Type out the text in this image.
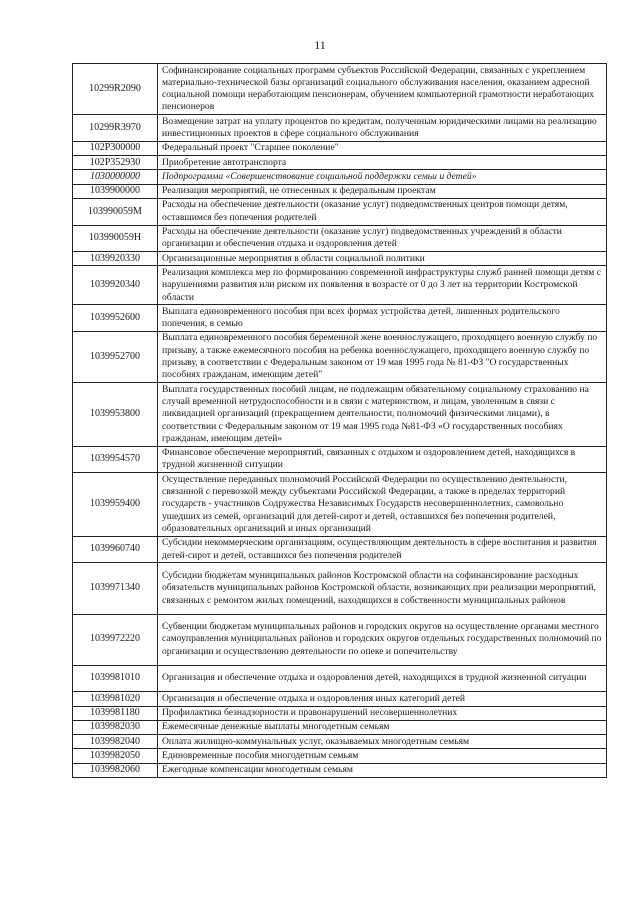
11
10299R2090	Софинансирование социальных программ субъектов Российской Федерации, связанных с укреплением материально-технической базы организаций социального обслуживания населения, оказанием адресной социальной помощи неработающим пенсионерам, обучением компьютерной грамотности неработающих пенсионеров
10299R3970	Возмещение затрат на уплату процентов по кредитам, полученным юридическими лицами на реализацию инвестиционных проектов в сфере социального обслуживания
102P300000	Федеральный проект "Старшее поколение"
102P352930	Приобретение автотранспорта
1030000000	Подпрограмма «Совершенствование социальной поддержки семьи и детей»
1039900000	Реализация мероприятий, не отнесенных к федеральным проектам
103990059M	Расходы на обеспечение деятельности (оказание услуг) подведомственных центров помощи детям, оставшимся без попечения родителей
103990059H	Расходы на обеспечение деятельности (оказание услуг) подведомственных учреждений в области организации и обеспечения отдыха и оздоровления детей
1039920330	Организационные мероприятия в области социальной политики
1039920340	Реализация комплекса мер по формированию современной инфраструктуры служб ранней помощи детям с нарушениями развития или риском их появления в возрасте от 0 до 3 лет на территории Костромской области
1039952600	Выплата единовременного пособия при всех формах устройства детей, лишенных родительского попечения, в семью
1039952700	Выплата единовременного пособия беременной жене военнослужащего, проходящего военную службу по призыву, а также ежемесячного пособия на ребенка военнослужащего, проходящего военную службу по призыву, в соответствии с Федеральным законом от 19 мая 1995 года № 81-ФЗ "О государственных пособиях гражданам, имеющим детей"
1039953800	Выплата государственных пособий лицам, не подлежащим обязательному социальному страхованию на случай временной нетрудоспособности и в связи с материнством, и лицам, уволенным в связи с ликвидацией организаций (прекращением деятельности, полномочий физическими лицами), в соответствии с Федеральным законом от 19 мая 1995 года №81-ФЗ «О государственных пособиях гражданам, имеющим детей»
1039954570	Финансовое обеспечение мероприятий, связанных с отдыхом и оздоровлением детей, находящихся в трудной жизненной ситуации
1039959400	Осуществление переданных полномочий Российской Федерации по осуществлению деятельности, связанной с перевозкой между субъектами Российской Федерации, а также в пределах территорий государств - участников Содружества Независимых Государств несовершеннолетних, самовольно ушедших из семей, организаций для детей-сирот и детей, оставшихся без попечения родителей, образовательных организаций и иных организаций
1039960740	Субсидии некоммерческим организациям, осуществляющим деятельность в сфере воспитания и развития детей-сирот и детей, оставшихся без попечения родителей
1039971340	Субсидии бюджетам муниципальных районов Костромской области на софинансирование расходных обязательств муниципальных районов Костромской области, возникающих при реализации мероприятий, связанных с ремонтом жилых помещений, находящихся в собственности муниципальных районов
1039972220	Субвенции бюджетам муниципальных районов и городских округов на осуществление органами местного самоуправления муниципальных районов и городских округов отдельных государственных полномочий по организации и осуществлению деятельности по опеке и попечительству
1039981010	Организация и обеспечение отдыха и оздоровления детей, находящихся в трудной жизненной ситуации
1039981020	Организация и обеспечение отдыха и оздоровления иных категорий детей
1039981180	Профилактика безнадзорности и правонарушений несовершеннолетних
1039982030	Ежемесячные денежные выплаты многодетным семьям
1039982040	Оплата жилищно-коммунальных услуг, оказываемых многодетным семьям
1039982050	Единовременные пособия многодетным семьям
1039982060	Ежегодные компенсации многодетным семьям
